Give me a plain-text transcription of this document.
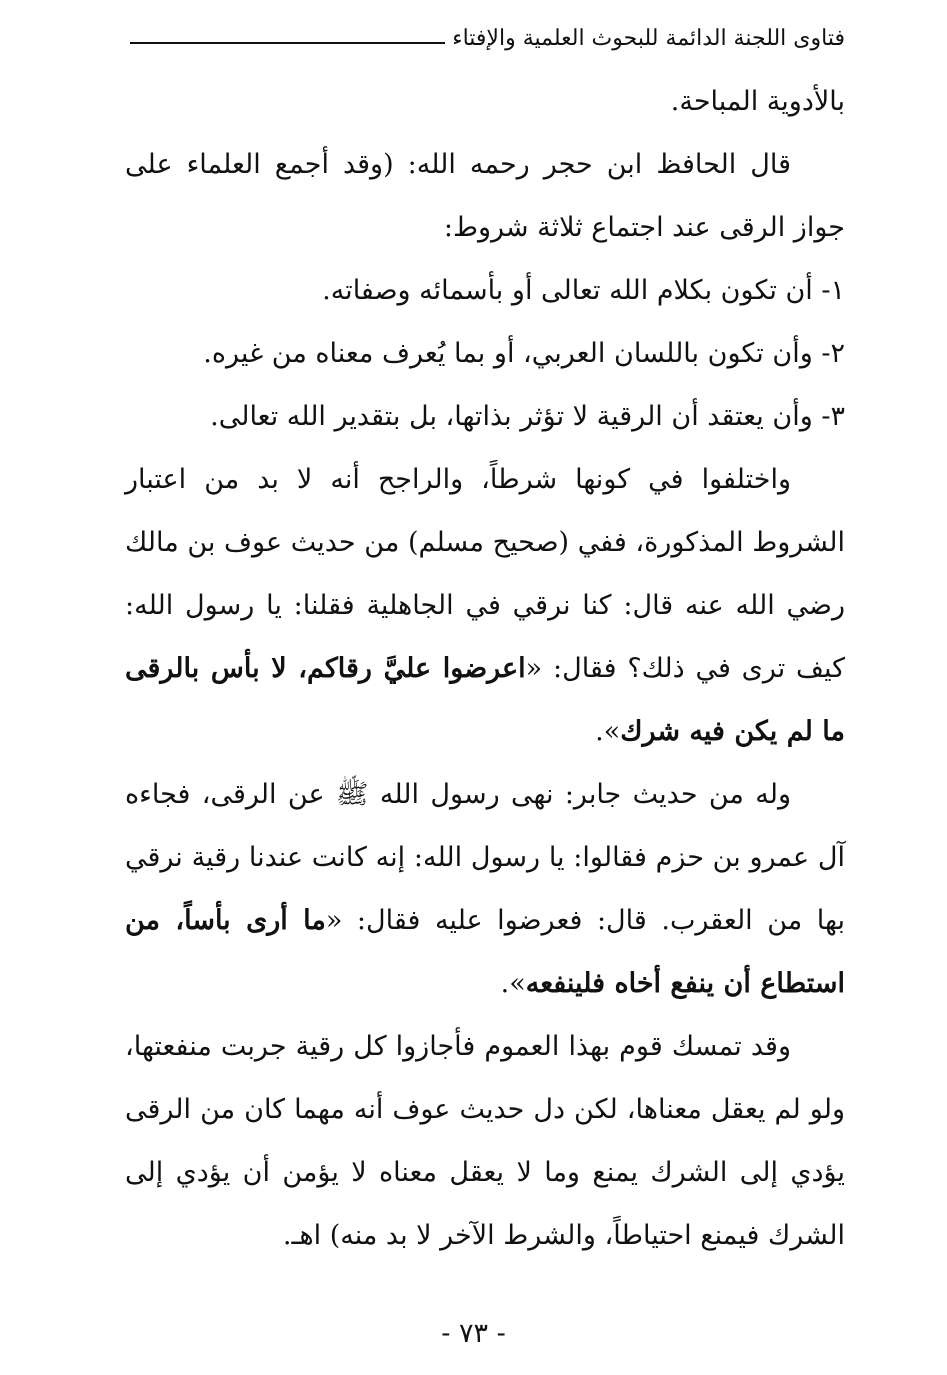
فتاوى اللجنة الدائمة للبحوث العلمية والإفتاء

بالأدوية المباحة.

قال الحافظ ابن حجر رحمه الله: (وقد أجمع العلماء على جواز الرقى عند اجتماع ثلاثة شروط:

١- أن تكون بكلام الله تعالى أو بأسمائه وصفاته.

٢- وأن تكون باللسان العربي، أو بما يُعرف معناه من غيره.

٣- وأن يعتقد أن الرقية لا تؤثر بذاتها، بل بتقدير الله تعالى.

واختلفوا في كونها شرطاً، والراجح أنه لا بد من اعتبار الشروط المذكورة، ففي (صحيح مسلم) من حديث عوف بن مالك رضي الله عنه قال: كنا نرقي في الجاهلية فقلنا: يا رسول الله: كيف ترى في ذلك؟ فقال: «اعرضوا عليَّ رقاكم، لا بأس بالرقى ما لم يكن فيه شرك».

وله من حديث جابر: نهى رسول الله ﷺ عن الرقى، فجاءه آل عمرو بن حزم فقالوا: يا رسول الله: إنه كانت عندنا رقية نرقي بها من العقرب. قال: فعرضوا عليه فقال: «ما أرى بأساً، من استطاع أن ينفع أخاه فلينفعه».

وقد تمسك قوم بهذا العموم فأجازوا كل رقية جربت منفعتها، ولو لم يعقل معناها، لكن دل حديث عوف أنه مهما كان من الرقى يؤدي إلى الشرك يمنع وما لا يعقل معناه لا يؤمن أن يؤدي إلى الشرك فيمنع احتياطاً، والشرط الآخر لا بد منه) اهـ.

- ٧٣ -
